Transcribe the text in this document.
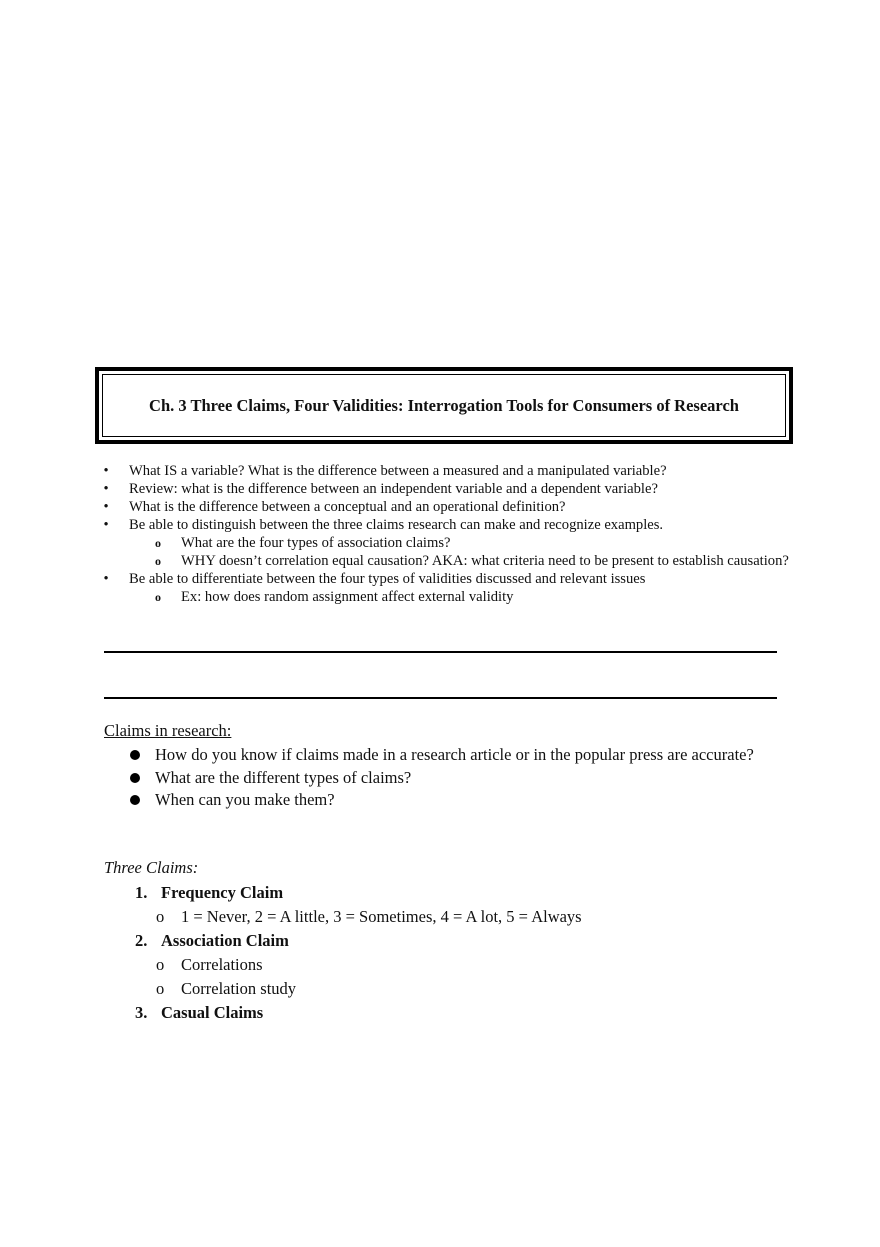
Ch. 3 Three Claims, Four Validities: Interrogation Tools for Consumers of Research
• What IS a variable? What is the difference between a measured and a manipulated variable?
• Review: what is the difference between an independent variable and a dependent variable?
• What is the difference between a conceptual and an operational definition?
• Be able to distinguish between the three claims research can make and recognize examples.
o What are the four types of association claims?
o WHY doesn’t correlation equal causation? AKA: what criteria need to be present to establish causation?
• Be able to differentiate between the four types of validities discussed and relevant issues
o Ex: how does random assignment affect external validity
Claims in research:
How do you know if claims made in a research article or in the popular press are accurate?
What are the different types of claims?
When can you make them?
Three Claims:
1. Frequency Claim
o 1 = Never, 2 = A little, 3 = Sometimes, 4 = A lot, 5 = Always
2. Association Claim
o Correlations
o Correlation study
3. Casual Claims
